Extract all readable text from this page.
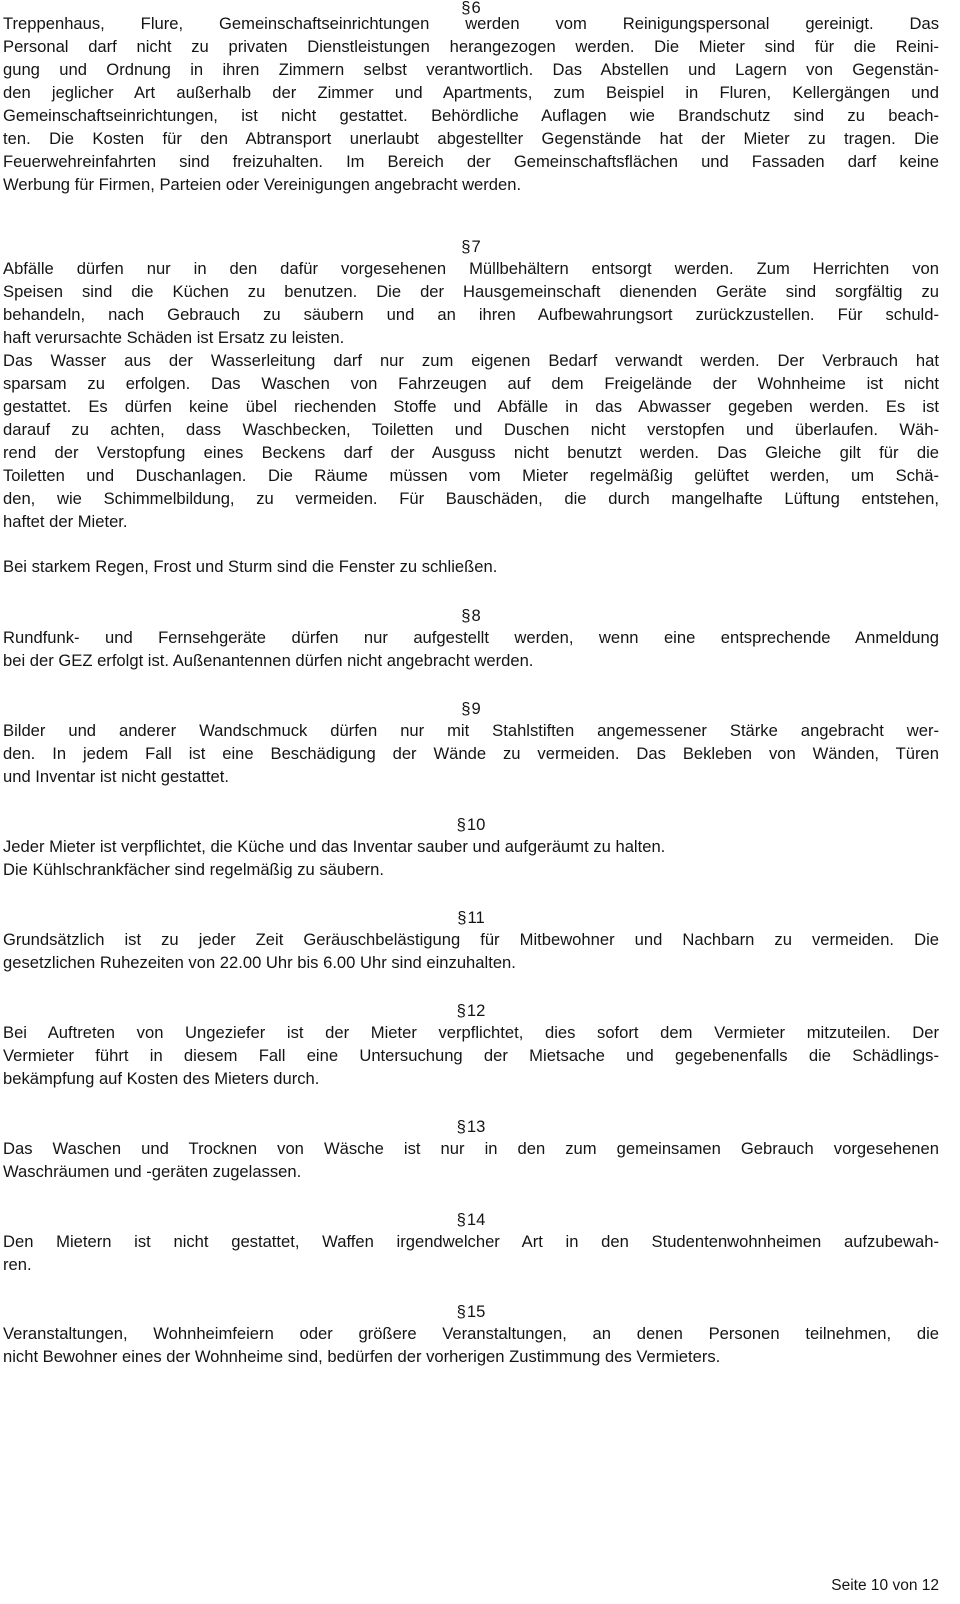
§6
Treppenhaus, Flure, Gemeinschaftseinrichtungen werden vom Reinigungspersonal gereinigt. Das
Personal darf nicht zu privaten Dienstleistungen herangezogen werden. Die Mieter sind für die Reini-
gung und Ordnung in ihren Zimmern selbst verantwortlich. Das Abstellen und Lagern von Gegenstän-
den jeglicher Art außerhalb der Zimmer und Apartments, zum Beispiel in Fluren, Kellergängen und
Gemeinschaftseinrichtungen, ist nicht gestattet. Behördliche Auflagen wie Brandschutz sind zu beach-
ten. Die Kosten für den Abtransport unerlaubt abgestellter Gegenstände hat der Mieter zu tragen. Die
Feuerwehreinfahrten sind freizuhalten. Im Bereich der Gemeinschaftsflächen und Fassaden darf keine
Werbung für Firmen, Parteien oder Vereinigungen angebracht werden.
§7
Abfälle dürfen nur in den dafür vorgesehenen Müllbehältern entsorgt werden. Zum Herrichten von
Speisen sind die Küchen zu benutzen. Die der Hausgemeinschaft dienenden Geräte sind sorgfältig zu
behandeln, nach Gebrauch zu säubern und an ihren Aufbewahrungsort zurückzustellen. Für schuld-
haft verursachte Schäden ist Ersatz zu leisten.
Das Wasser aus der Wasserleitung darf nur zum eigenen Bedarf verwandt werden. Der Verbrauch hat
sparsam zu erfolgen. Das Waschen von Fahrzeugen auf dem Freigelände der Wohnheime ist nicht
gestattet. Es dürfen keine übel riechenden Stoffe und Abfälle in das Abwasser gegeben werden. Es ist
darauf zu achten, dass Waschbecken, Toiletten und Duschen nicht verstopfen und überlaufen. Wäh-
rend der Verstopfung eines Beckens darf der Ausguss nicht benutzt werden. Das Gleiche gilt für die
Toiletten und Duschanlagen. Die Räume müssen vom Mieter regelmäßig gelüftet werden, um Schä-
den, wie Schimmelbildung, zu vermeiden. Für Bauschäden, die durch mangelhafte Lüftung entstehen,
haftet der Mieter.
Bei starkem Regen, Frost und Sturm sind die Fenster zu schließen.
§8
Rundfunk- und Fernsehgeräte dürfen nur aufgestellt werden, wenn eine entsprechende Anmeldung
bei der GEZ erfolgt ist. Außenantennen dürfen nicht angebracht werden.
§9
Bilder und anderer Wandschmuck dürfen nur mit Stahlstiften angemessener Stärke angebracht wer-
den. In jedem Fall ist eine Beschädigung der Wände zu vermeiden. Das Bekleben von Wänden, Türen
und Inventar ist nicht gestattet.
§10
Jeder Mieter ist verpflichtet, die Küche und das Inventar sauber und aufgeräumt zu halten.
Die Kühlschrankfächer sind regelmäßig zu säubern.
§11
Grundsätzlich ist zu jeder Zeit Geräuschbelästigung für Mitbewohner und Nachbarn zu vermeiden. Die
gesetzlichen Ruhezeiten von 22.00 Uhr bis 6.00 Uhr sind einzuhalten.
§12
Bei Auftreten von Ungeziefer ist der Mieter verpflichtet, dies sofort dem Vermieter mitzuteilen. Der
Vermieter führt in diesem Fall eine Untersuchung der Mietsache und gegebenenfalls die Schädlings-
bekämpfung auf Kosten des Mieters durch.
§13
Das Waschen und Trocknen von Wäsche ist nur in den zum gemeinsamen Gebrauch vorgesehenen
Waschräumen und -geräten zugelassen.
§14
Den Mietern ist nicht gestattet, Waffen irgendwelcher Art in den Studentenwohnheimen aufzubewah-
ren.
§15
Veranstaltungen, Wohnheimfeiern oder größere Veranstaltungen, an denen Personen teilnehmen, die
nicht Bewohner eines der Wohnheime sind, bedürfen der vorherigen Zustimmung des Vermieters.
Seite 10 von 12
